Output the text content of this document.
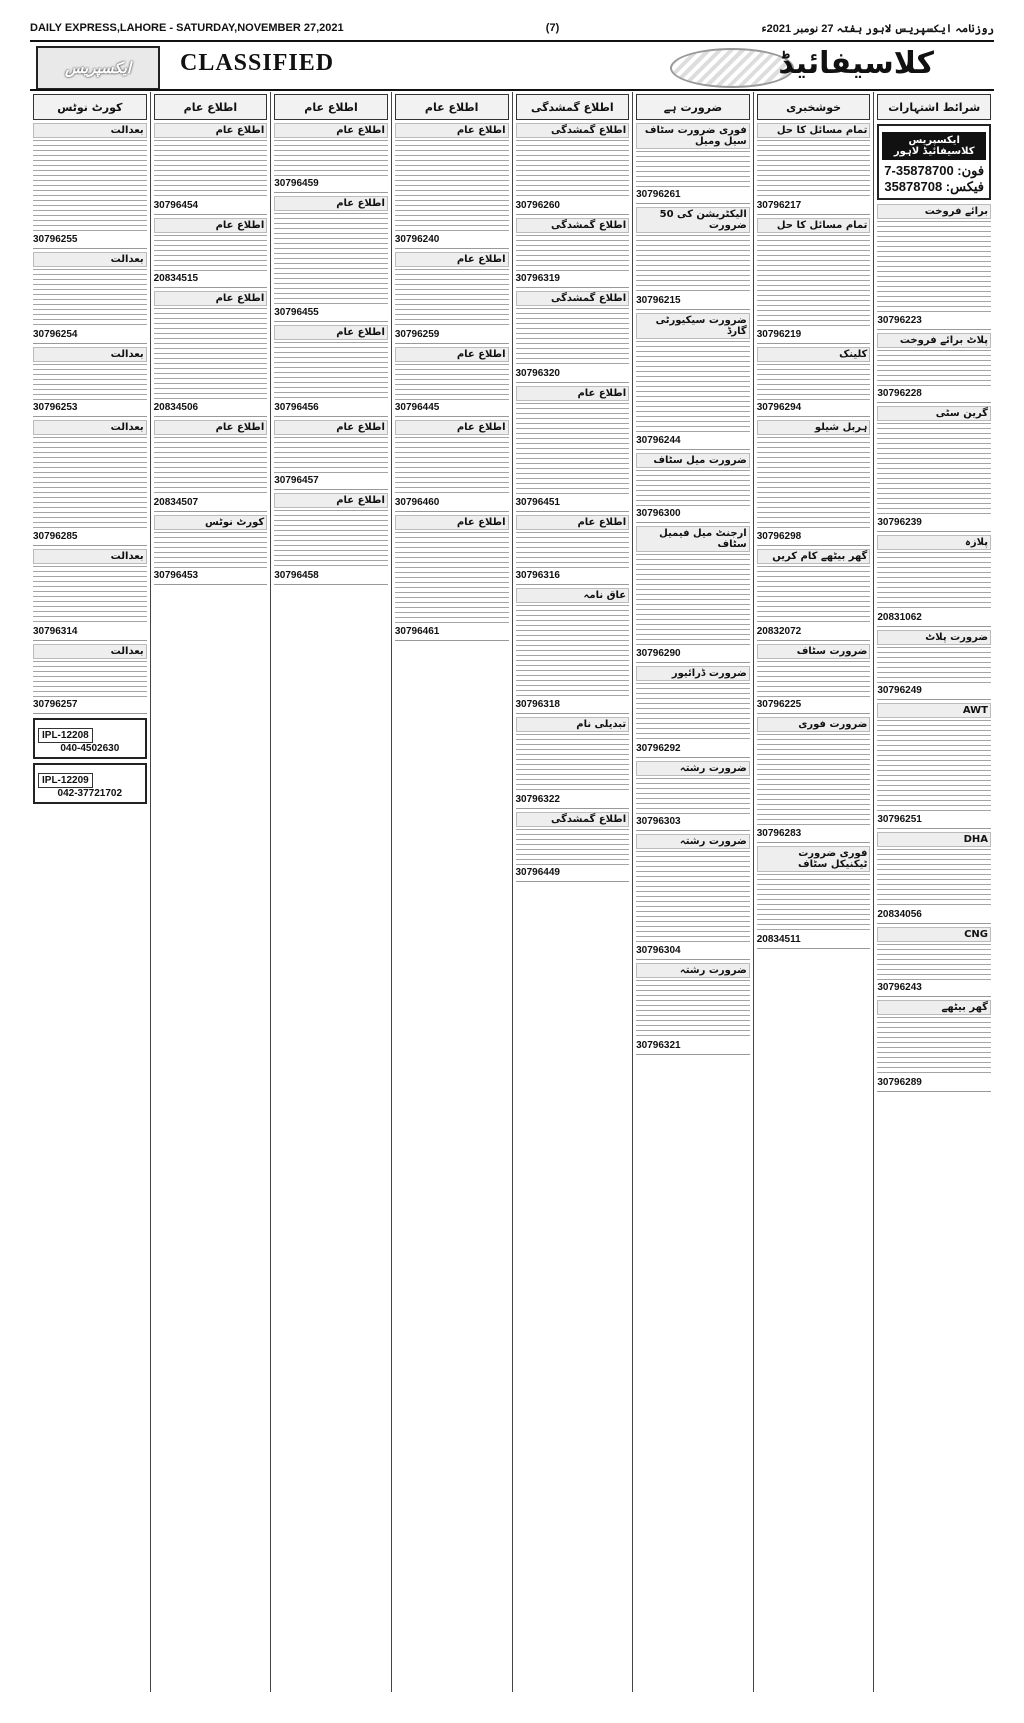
DAILY EXPRESS,LAHORE - SATURDAY,NOVEMBER 27,2021	(7)	روزنامہ ایکسپریس لاہور ہفتہ 27 نومبر 2021ء
ایکسپریس	CLASSIFIED	کلاسیفائیڈ
کورٹ نوٹس
بعدالت
30796255
بعدالت
30796254
بعدالت
30796253
بعدالت
30796285
بعدالت
30796314
بعدالت
30796257
IPL-12208
040-4502630
IPL-12209
042-37721702
اطلاع عام
اطلاع عام
30796454
اطلاع عام
20834515
اطلاع عام
20834506
اطلاع عام
20834507
کورٹ نوٹس
30796453
اطلاع عام
اطلاع عام
30796459
اطلاع عام
30796455
اطلاع عام
30796456
اطلاع عام
30796457
اطلاع عام
30796458
اطلاع عام
اطلاع عام
30796240
اطلاع عام
30796259
اطلاع عام
30796445
اطلاع عام
30796460
اطلاع عام
30796461
اطلاع گمشدگی
اطلاع گمشدگی
30796260
اطلاع گمشدگی
30796319
اطلاع گمشدگی
30796320
اطلاع عام
30796451
اطلاع عام
30796316
عاق نامہ
30796318
تبدیلی نام
30796322
اطلاع گمشدگی
30796449
ضرورت ہے
فوری ضرورت سٹاف سیل ومیل
30796261
50 الیکٹریشن کی ضرورت
30796215
ضرورت سیکیورٹی گارڈ
30796244
ضرورت میل سٹاف
30796300
ارجنٹ میل فیمیل سٹاف
30796290
ضرورت ڈرائیور
30796292
ضرورت رشتہ
30796303
ضرورت رشتہ
30796304
ضرورت رشتہ
30796321
خوشخبری
تمام مسائل کا حل
30796217
تمام مسائل کا حل
30796219
کلینک
30796294
ہربل شیلو
30796298
گھر بیٹھے کام کریں
20832072
ضرورت سٹاف
30796225
ضرورت فوری
30796283
فوری ضرورت ٹیکنیکل سٹاف
20834511
شرائط اشتہارات
ایکسپریس کلاسیفائیڈ لاہور
فون: 35878700-7
فیکس: 35878708
برائے فروخت
30796223
پلاٹ برائے فروخت
30796228
گرین سٹی
30796239
پلازہ
20831062
ضرورت پلاٹ
30796249
AWT
30796251
DHA
20834056
CNG
30796243
گھر بیٹھے
30796289
